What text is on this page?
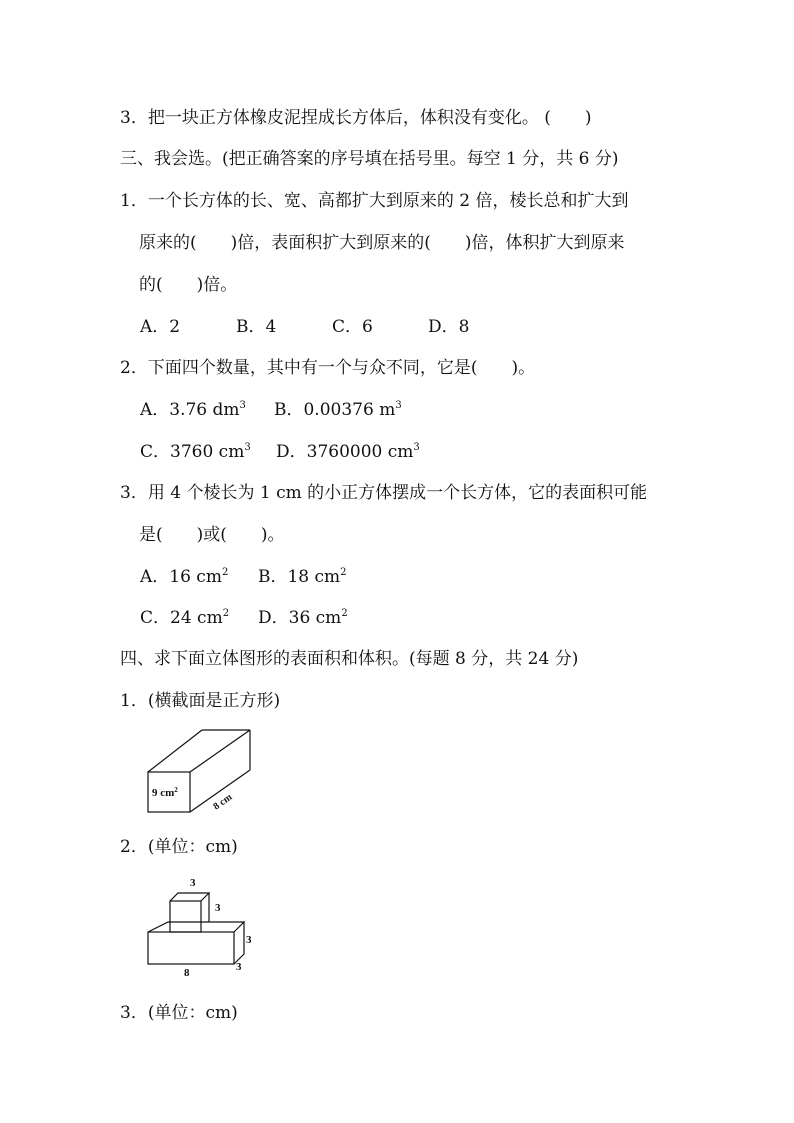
3．把一块正方体橡皮泥捏成长方体后，体积没有变化。 (　　)
三、我会选。(把正确答案的序号填在括号里。每空 1 分，共 6 分)
1．一个长方体的长、宽、高都扩大到原来的 2 倍，棱长总和扩大到
原来的(　　)倍，表面积扩大到原来的(　　)倍，体积扩大到原来
的(　　)倍。
A．2	B．4	C．6	D．8
2．下面四个数量，其中有一个与众不同，它是(　　)。
A．3.76 $dm^3$ B．0.00376 $m^3$
C．3760 $cm^3$ D．3760000 $cm^3$
3．用 4 个棱长为 1 cm 的小正方体摆成一个长方体，它的表面积可能
是(　　)或(　　)。
A．16 $cm^2$ B．18 $cm^2$
C．24 $cm^2$ D．36 $cm^2$
四、求下面立体图形的表面积和体积。(每题 8 分，共 24 分)
1．(横截面是正方形)
9 $cm^2$
8 cm
2．(单位：cm)
3
3
3
3
8
3．(单位：cm)
